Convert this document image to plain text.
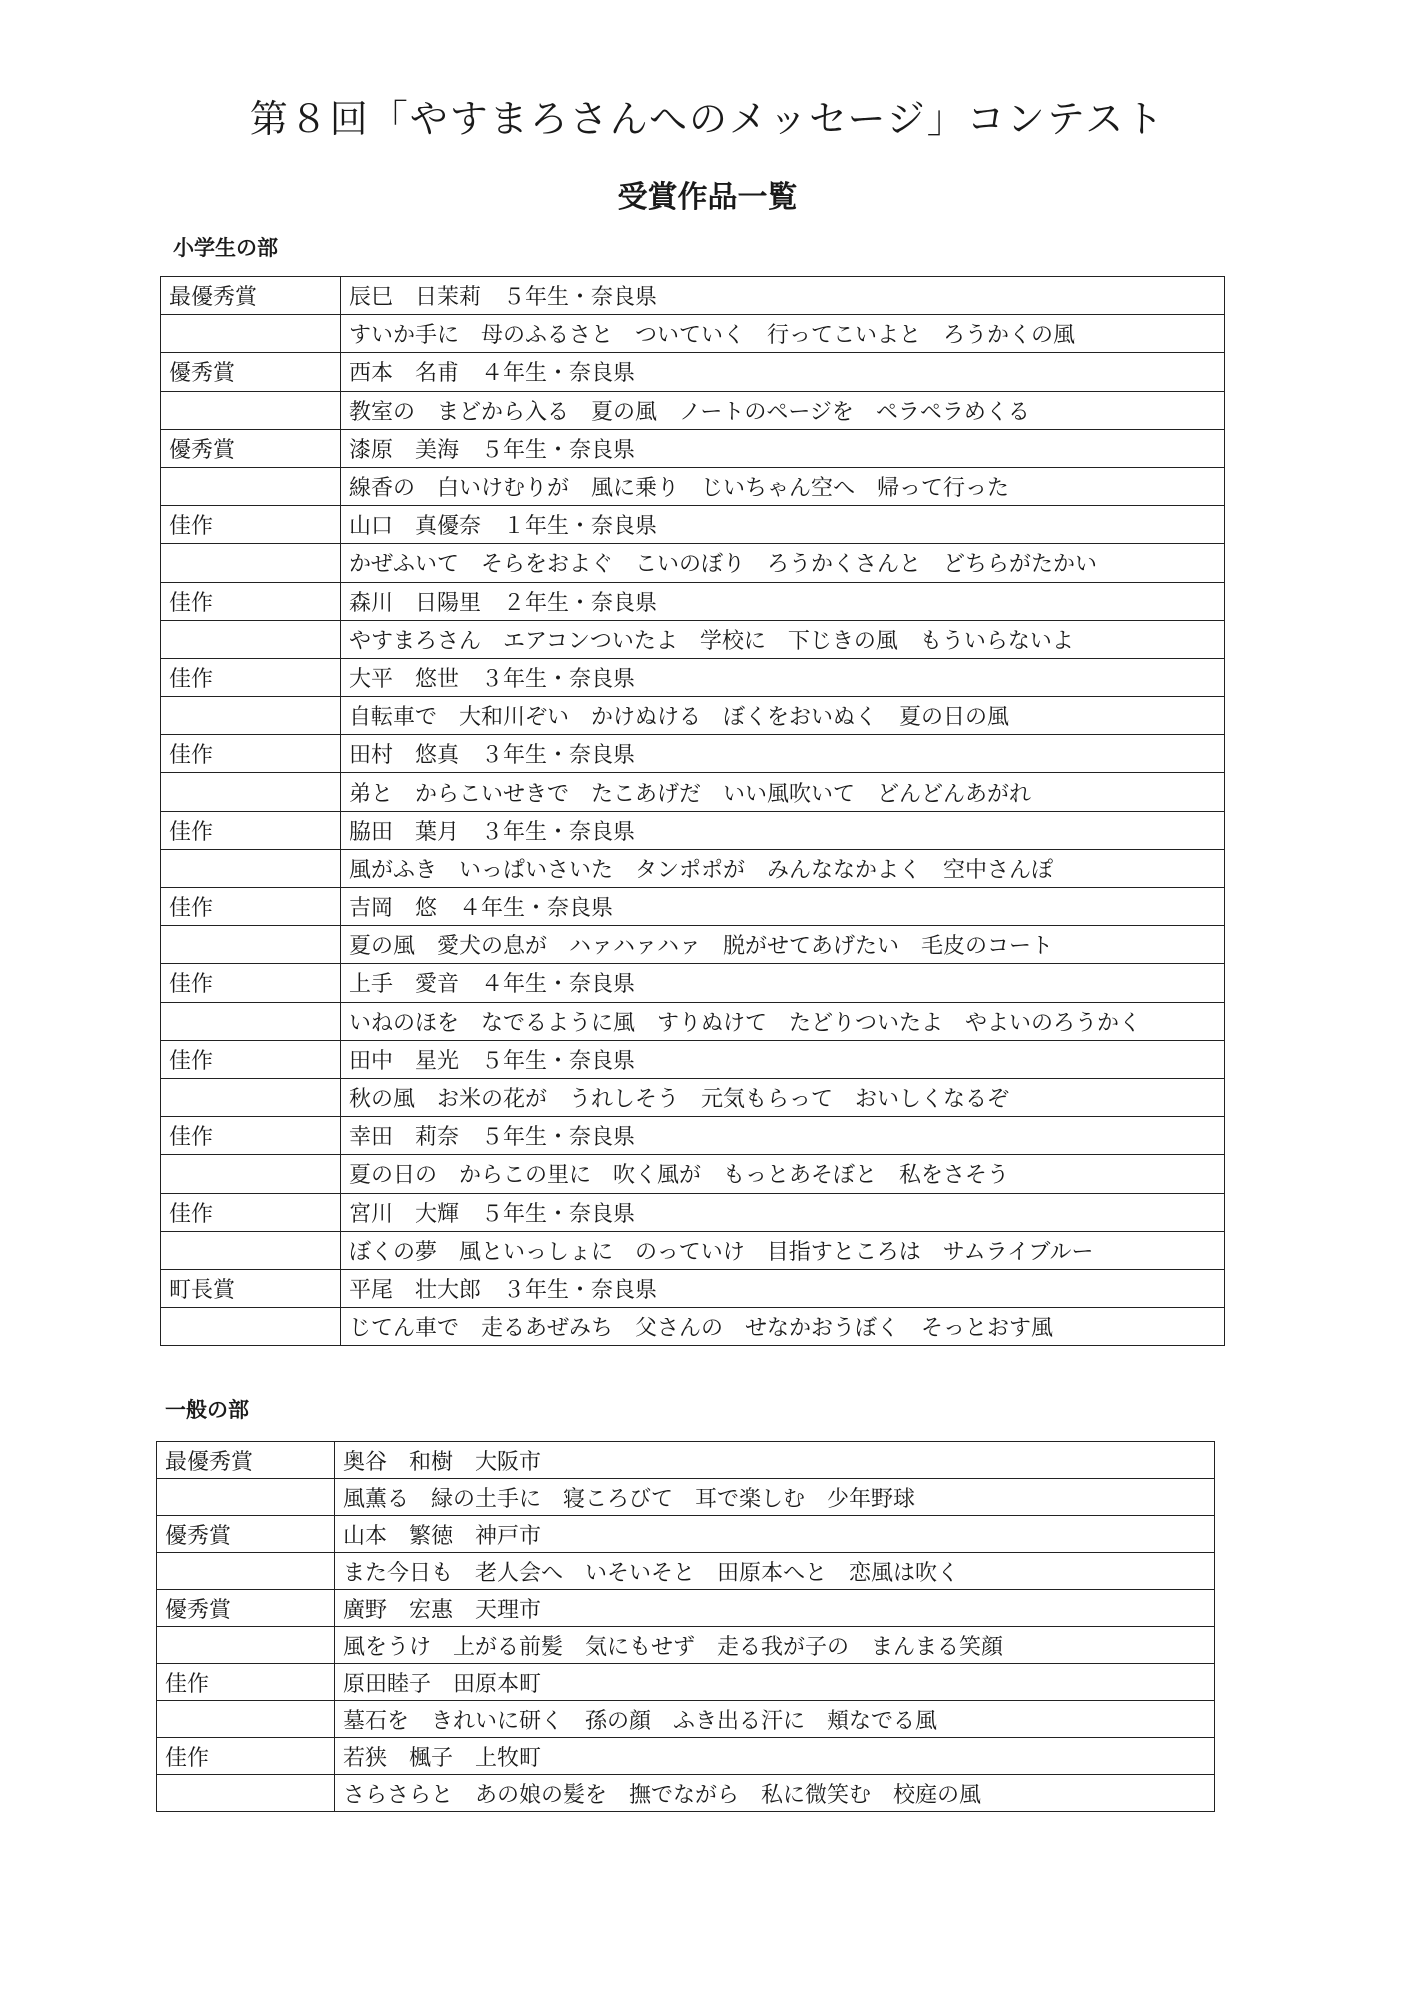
第８回「やすまろさんへのメッセージ」コンテスト
受賞作品一覧
小学生の部
最優秀賞	辰巳　日茉莉　５年生・奈良県
	すいか手に　母のふるさと　ついていく　行ってこいよと　ろうかくの風
優秀賞	西本　名甫　４年生・奈良県
	教室の　まどから入る　夏の風　ノートのページを　ペラペラめくる
優秀賞	漆原　美海　５年生・奈良県
	線香の　白いけむりが　風に乗り　じいちゃん空へ　帰って行った
佳作	山口　真優奈　１年生・奈良県
	かぜふいて　そらをおよぐ　こいのぼり　ろうかくさんと　どちらがたかい
佳作	森川　日陽里　２年生・奈良県
	やすまろさん　エアコンついたよ　学校に　下じきの風　もういらないよ
佳作	大平　悠世　３年生・奈良県
	自転車で　大和川ぞい　かけぬける　ぼくをおいぬく　夏の日の風
佳作	田村　悠真　３年生・奈良県
	弟と　からこいせきで　たこあげだ　いい風吹いて　どんどんあがれ
佳作	脇田　葉月　３年生・奈良県
	風がふき　いっぱいさいた　タンポポが　みんななかよく　空中さんぽ
佳作	吉岡　悠　４年生・奈良県
	夏の風　愛犬の息が　ハァハァハァ　脱がせてあげたい　毛皮のコート
佳作	上手　愛音　４年生・奈良県
	いねのほを　なでるように風　すりぬけて　たどりついたよ　やよいのろうかく
佳作	田中　星光　５年生・奈良県
	秋の風　お米の花が　うれしそう　元気もらって　おいしくなるぞ
佳作	幸田　莉奈　５年生・奈良県
	夏の日の　からこの里に　吹く風が　もっとあそぼと　私をさそう
佳作	宮川　大輝　５年生・奈良県
	ぼくの夢　風といっしょに　のっていけ　目指すところは　サムライブルー
町長賞	平尾　壮大郎　３年生・奈良県
	じてん車で　走るあぜみち　父さんの　せなかおうぼく　そっとおす風
一般の部
最優秀賞	奥谷　和樹　大阪市
	風薫る　緑の土手に　寝ころびて　耳で楽しむ　少年野球
優秀賞	山本　繁徳　神戸市
	また今日も　老人会へ　いそいそと　田原本へと　恋風は吹く
優秀賞	廣野　宏惠　天理市
	風をうけ　上がる前髪　気にもせず　走る我が子の　まんまる笑顔
佳作	原田睦子　田原本町
	墓石を　きれいに研く　孫の顔　ふき出る汗に　頬なでる風
佳作	若狭　楓子　上牧町
	さらさらと　あの娘の髪を　撫でながら　私に微笑む　校庭の風
